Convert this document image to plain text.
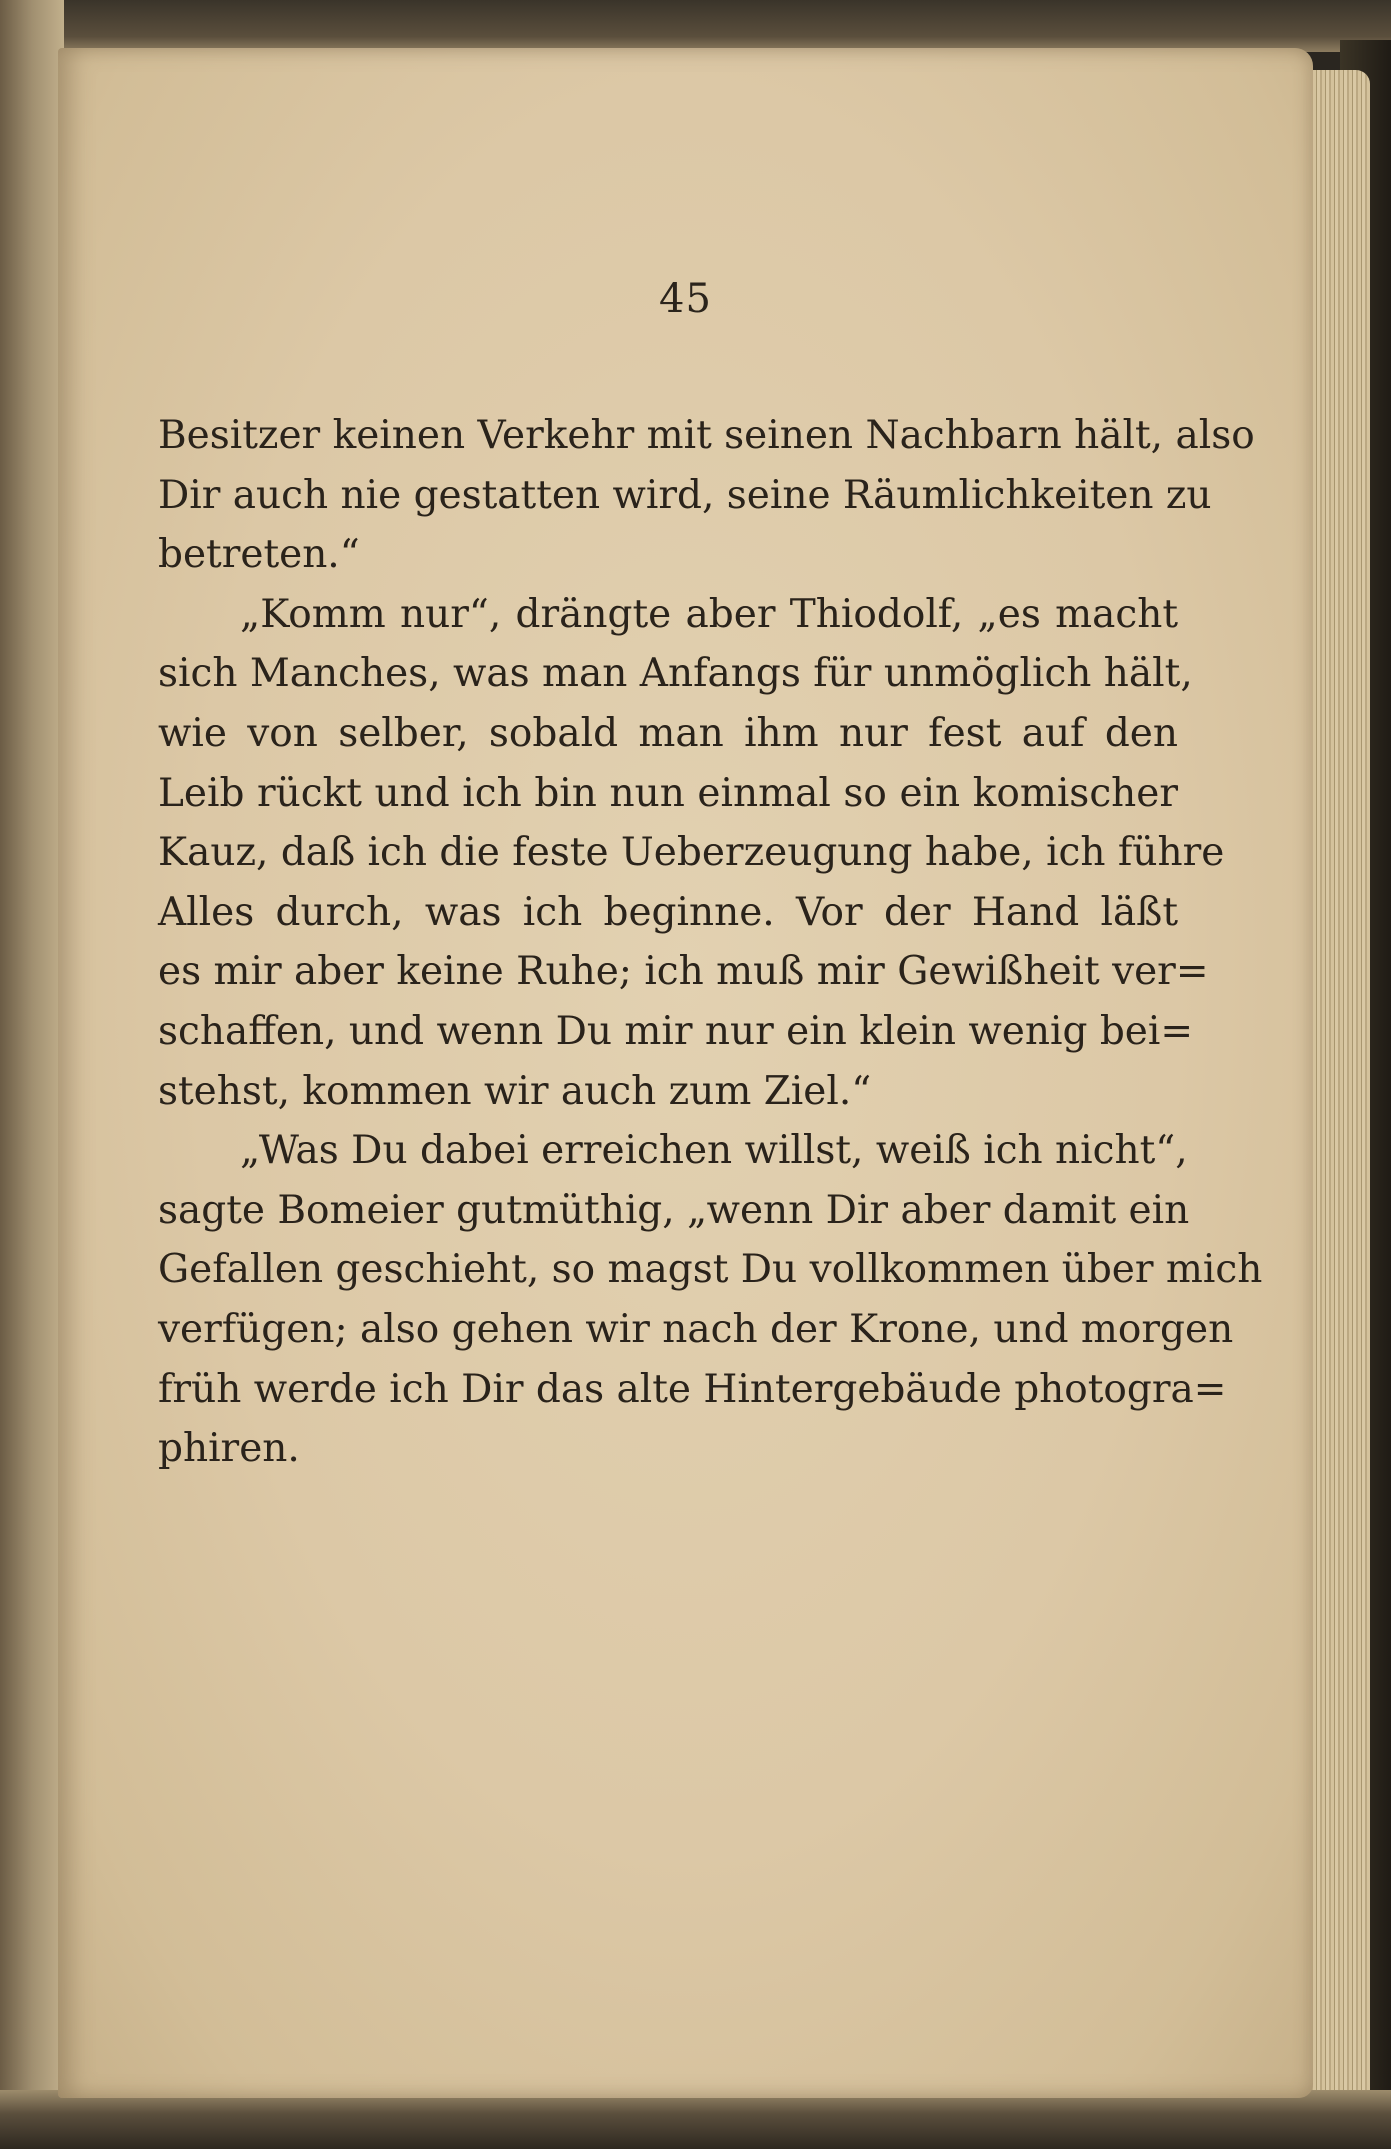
45
Besitzer keinen Verkehr mit seinen Nachbarn hält, also
Dir auch nie gestatten wird, seine Räumlichkeiten zu
betreten.“
„Komm nur“, drängte aber Thiodolf, „es macht
sich Manches, was man Anfangs für unmöglich hält,
wie von selber, sobald man ihm nur fest auf den
Leib rückt und ich bin nun einmal so ein komischer
Kauz, daß ich die feste Ueberzeugung habe, ich führe
Alles durch, was ich beginne. Vor der Hand läßt
es mir aber keine Ruhe; ich muß mir Gewißheit ver=
schaffen, und wenn Du mir nur ein klein wenig bei=
stehst, kommen wir auch zum Ziel.“
„Was Du dabei erreichen willst, weiß ich nicht“,
sagte Bomeier gutmüthig, „wenn Dir aber damit ein
Gefallen geschieht, so magst Du vollkommen über mich
verfügen; also gehen wir nach der Krone, und morgen
früh werde ich Dir das alte Hintergebäude photogra=
phiren.
